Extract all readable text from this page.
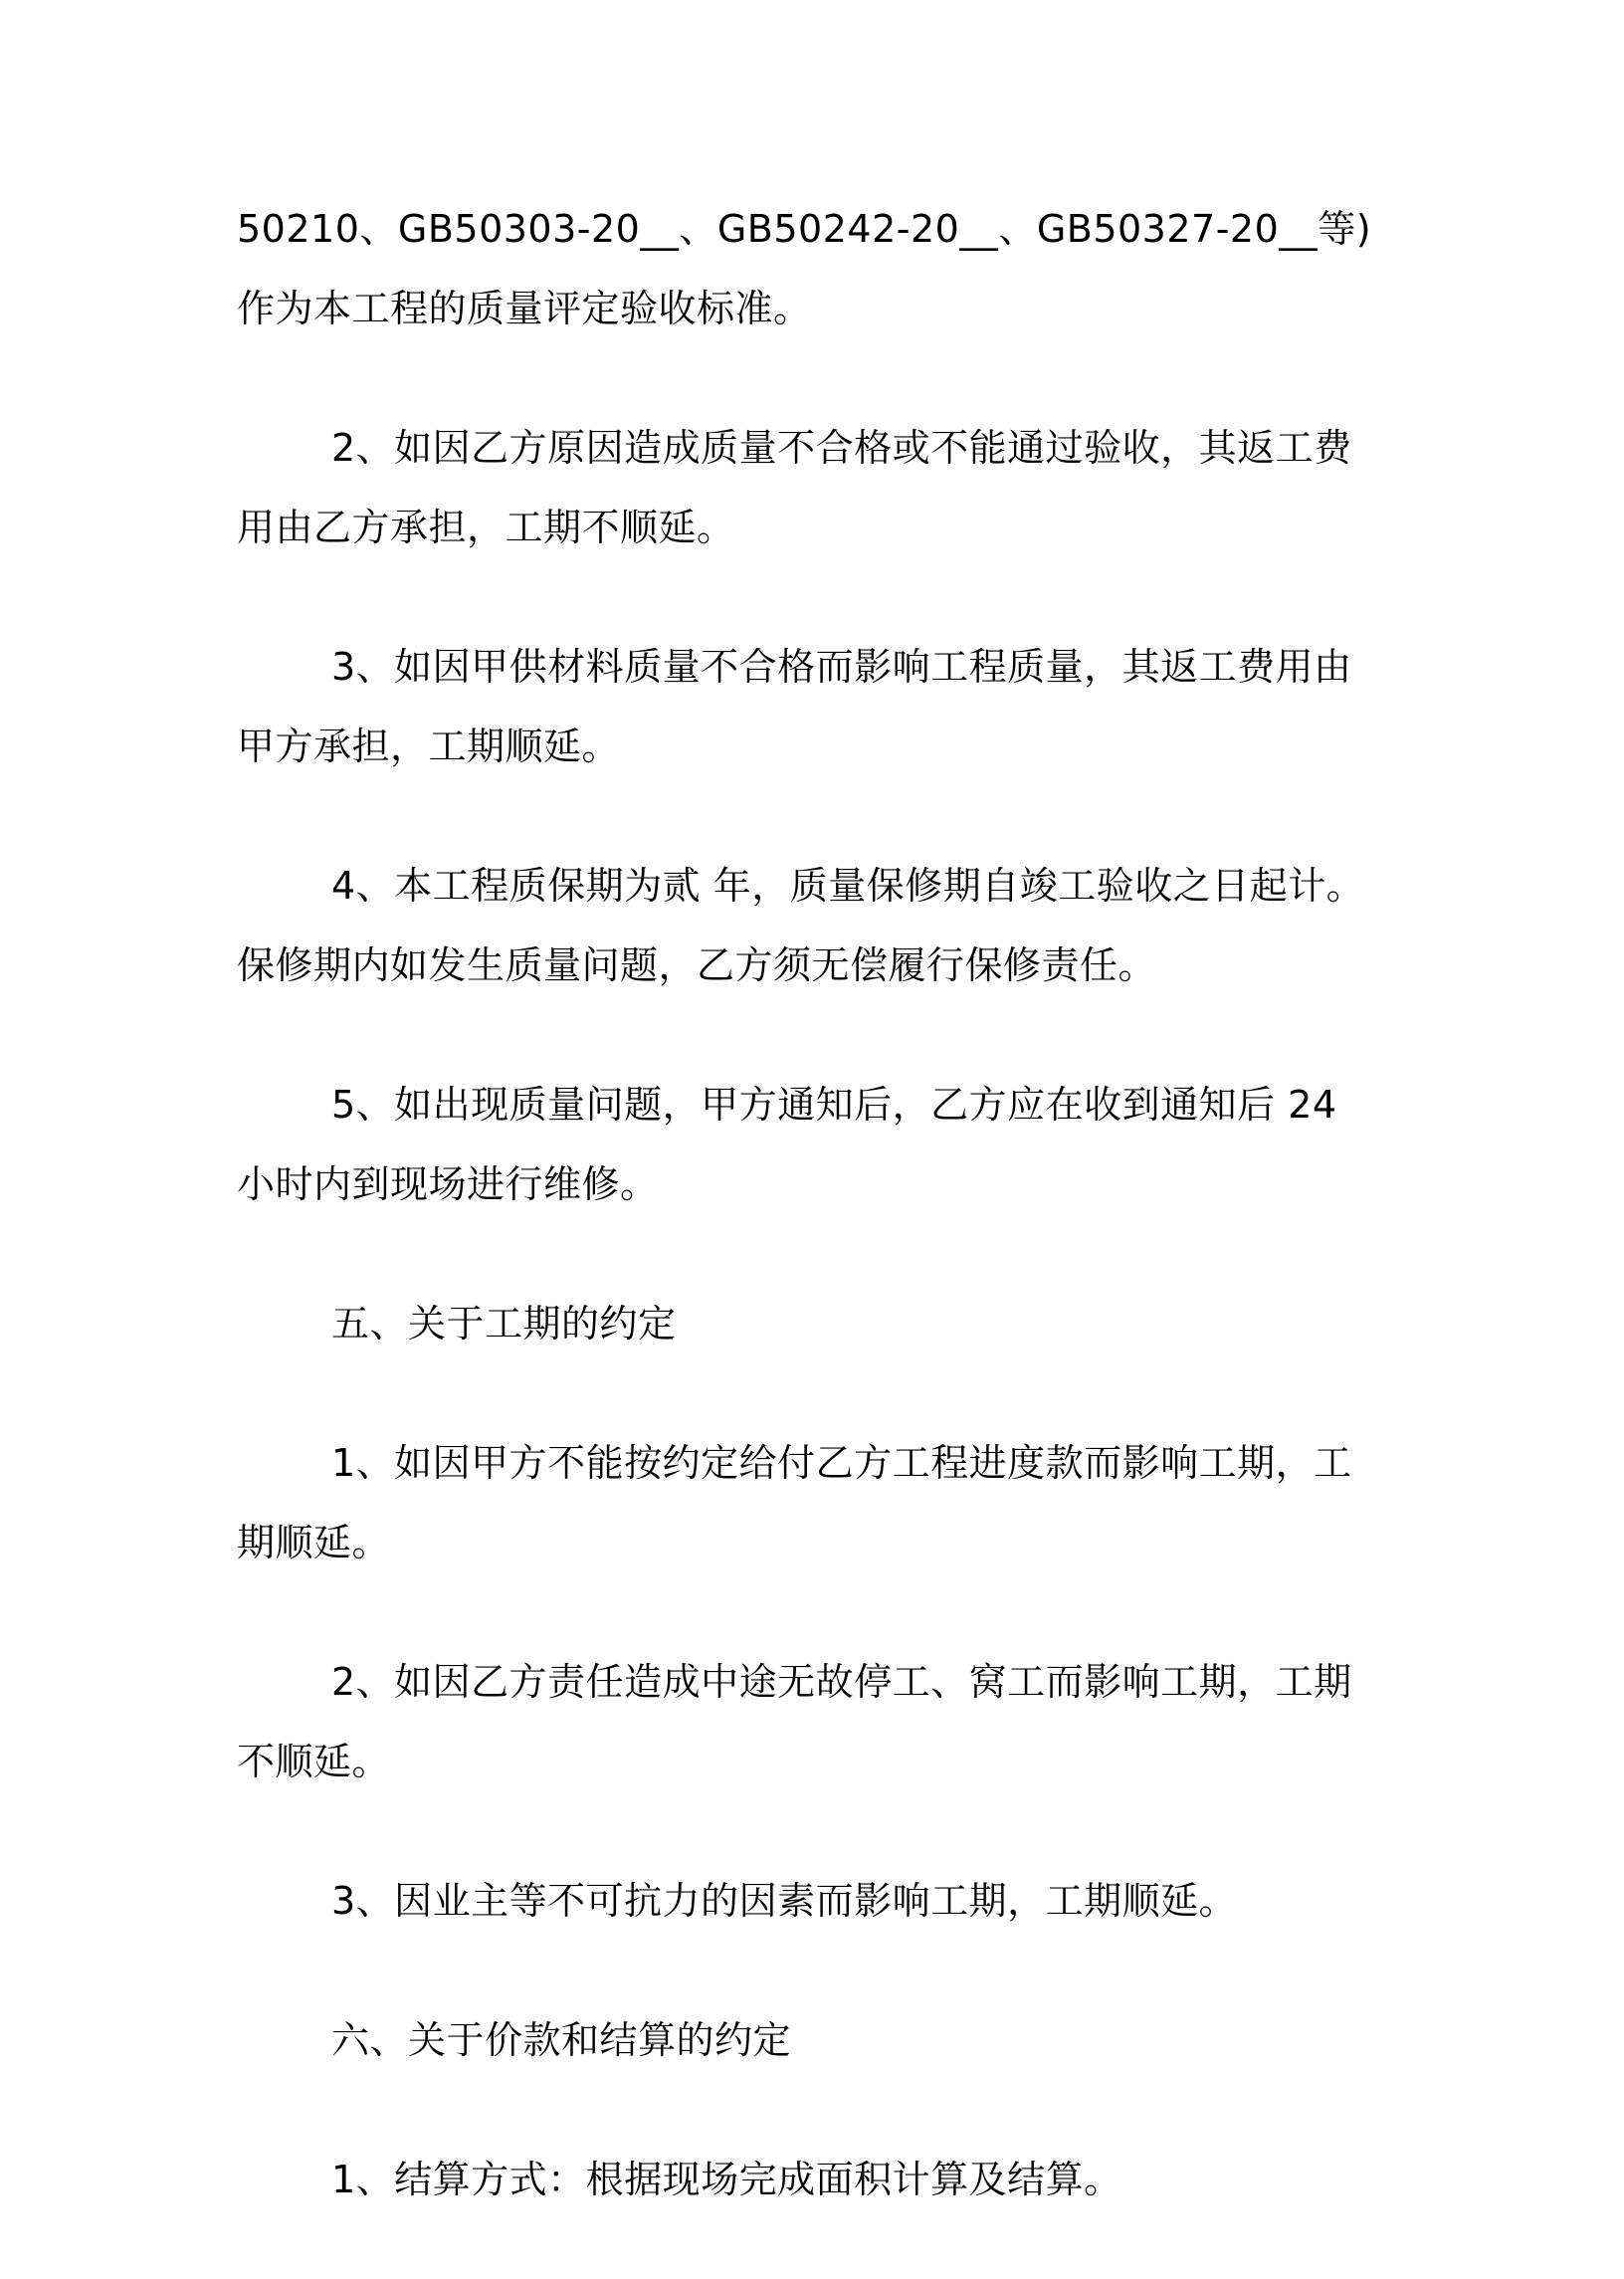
50210、GB50303-20__、GB50242-20__、GB50327-20__等)作为本工程的质量评定验收标准。

2、如因乙方原因造成质量不合格或不能通过验收，其返工费用由乙方承担，工期不顺延。

3、如因甲供材料质量不合格而影响工程质量，其返工费用由甲方承担，工期顺延。

4、本工程质保期为贰 年，质量保修期自竣工验收之日起计。保修期内如发生质量问题，乙方须无偿履行保修责任。

5、如出现质量问题，甲方通知后，乙方应在收到通知后 24 小时内到现场进行维修。

五、关于工期的约定

1、如因甲方不能按约定给付乙方工程进度款而影响工期，工期顺延。

2、如因乙方责任造成中途无故停工、窝工而影响工期，工期不顺延。

3、因业主等不可抗力的因素而影响工期，工期顺延。

六、关于价款和结算的约定

1、结算方式：根据现场完成面积计算及结算。
